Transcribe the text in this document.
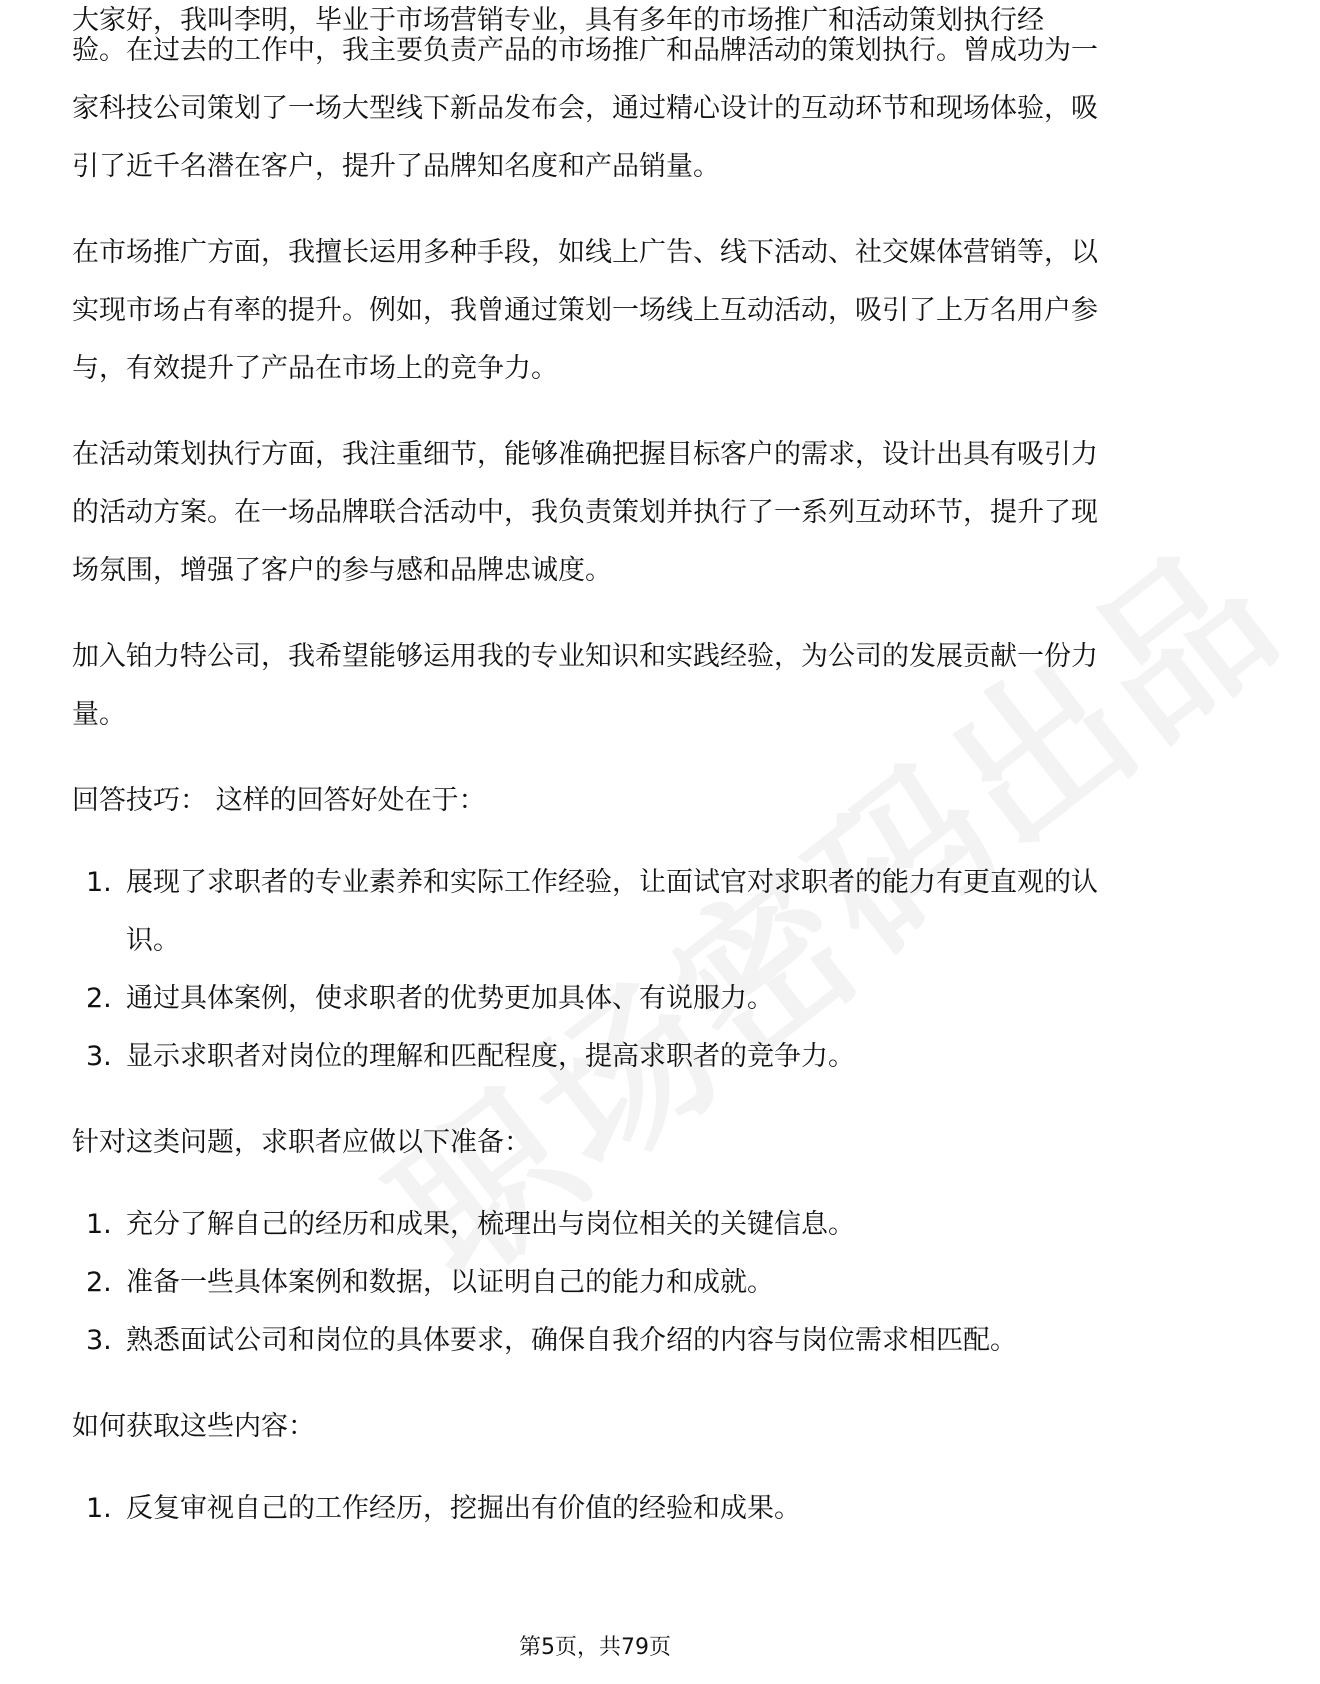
大家好，我叫李明，毕业于市场营销专业，具有多年的市场推广和活动策划执行经

验。在过去的工作中，我主要负责产品的市场推广和品牌活动的策划执行。曾成功为一家科技公司策划了一场大型线下新品发布会，通过精心设计的互动环节和现场体验，吸引了近千名潜在客户，提升了品牌知名度和产品销量。

在市场推广方面，我擅长运用多种手段，如线上广告、线下活动、社交媒体营销等，以实现市场占有率的提升。例如，我曾通过策划一场线上互动活动，吸引了上万名用户参与，有效提升了产品在市场上的竞争力。

在活动策划执行方面，我注重细节，能够准确把握目标客户的需求，设计出具有吸引力的活动方案。在一场品牌联合活动中，我负责策划并执行了一系列互动环节，提升了现场氛围，增强了客户的参与感和品牌忠诚度。

加入铂力特公司，我希望能够运用我的专业知识和实践经验，为公司的发展贡献一份力量。

回答技巧： 这样的回答好处在于：

1. 展现了求职者的专业素养和实际工作经验，让面试官对求职者的能力有更直观的认识。
2. 通过具体案例，使求职者的优势更加具体、有说服力。
3. 显示求职者对岗位的理解和匹配程度，提高求职者的竞争力。

针对这类问题，求职者应做以下准备：

1. 充分了解自己的经历和成果，梳理出与岗位相关的关键信息。
2. 准备一些具体案例和数据，以证明自己的能力和成就。
3. 熟悉面试公司和岗位的具体要求，确保自我介绍的内容与岗位需求相匹配。

如何获取这些内容：

1. 反复审视自己的工作经历，挖掘出有价值的经验和成果。
第5页，共79页
